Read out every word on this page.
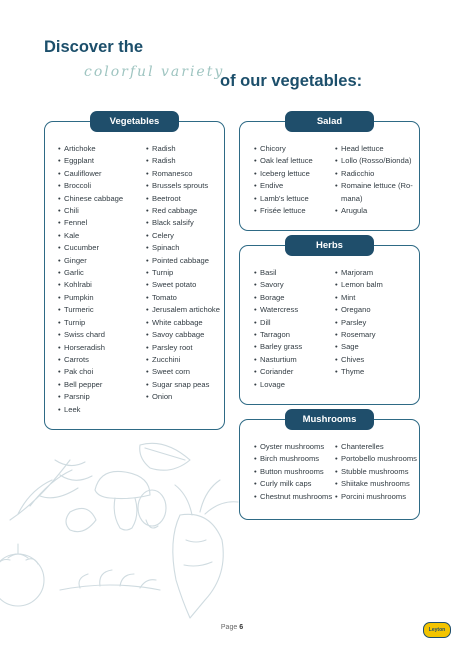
Discover the
colorful variety
of our vegetables:
Vegetables
• Artichoke
• Eggplant
• Cauliflower
• Broccoli
• Chinese cabbage
• Chili
• Fennel
• Kale
• Cucumber
• Ginger
• Garlic
• Kohlrabi
• Pumpkin
• Turmeric
• Turnip
• Swiss chard
• Horseradish
• Carrots
• Pak choi
• Bell pepper
• Parsnip
• Leek
• Radish
• Radish
• Romanesco
• Brussels sprouts
• Beetroot
• Red cabbage
• Black salsify
• Celery
• Spinach
• Pointed cabbage
• Turnip
• Sweet potato
• Tomato
• Jerusalem artichoke
• White cabbage
• Savoy cabbage
• Parsley root
• Zucchini
• Sweet corn
• Sugar snap peas
• Onion
Salad
• Chicory
• Oak leaf lettuce
• Iceberg lettuce
• Endive
• Lamb's lettuce
• Frisée lettuce
• Head lettuce
• Lollo (Rosso/Bionda)
• Radicchio
• Romaine lettuce (Ro-mana)
• Arugula
Herbs
• Basil
• Savory
• Borage
• Watercress
• Dill
• Tarragon
• Barley grass
• Nasturtium
• Coriander
• Lovage
• Marjoram
• Lemon balm
• Mint
• Oregano
• Parsley
• Rosemary
• Sage
• Chives
• Thyme
Mushrooms
• Oyster mushrooms
• Birch mushrooms
• Button mushrooms
• Curly milk caps
• Chestnut mushrooms
• Chanterelles
• Portobello mushrooms
• Stubble mushrooms
• Shiitake mushrooms
• Porcini mushrooms
Page 6	Leyton
